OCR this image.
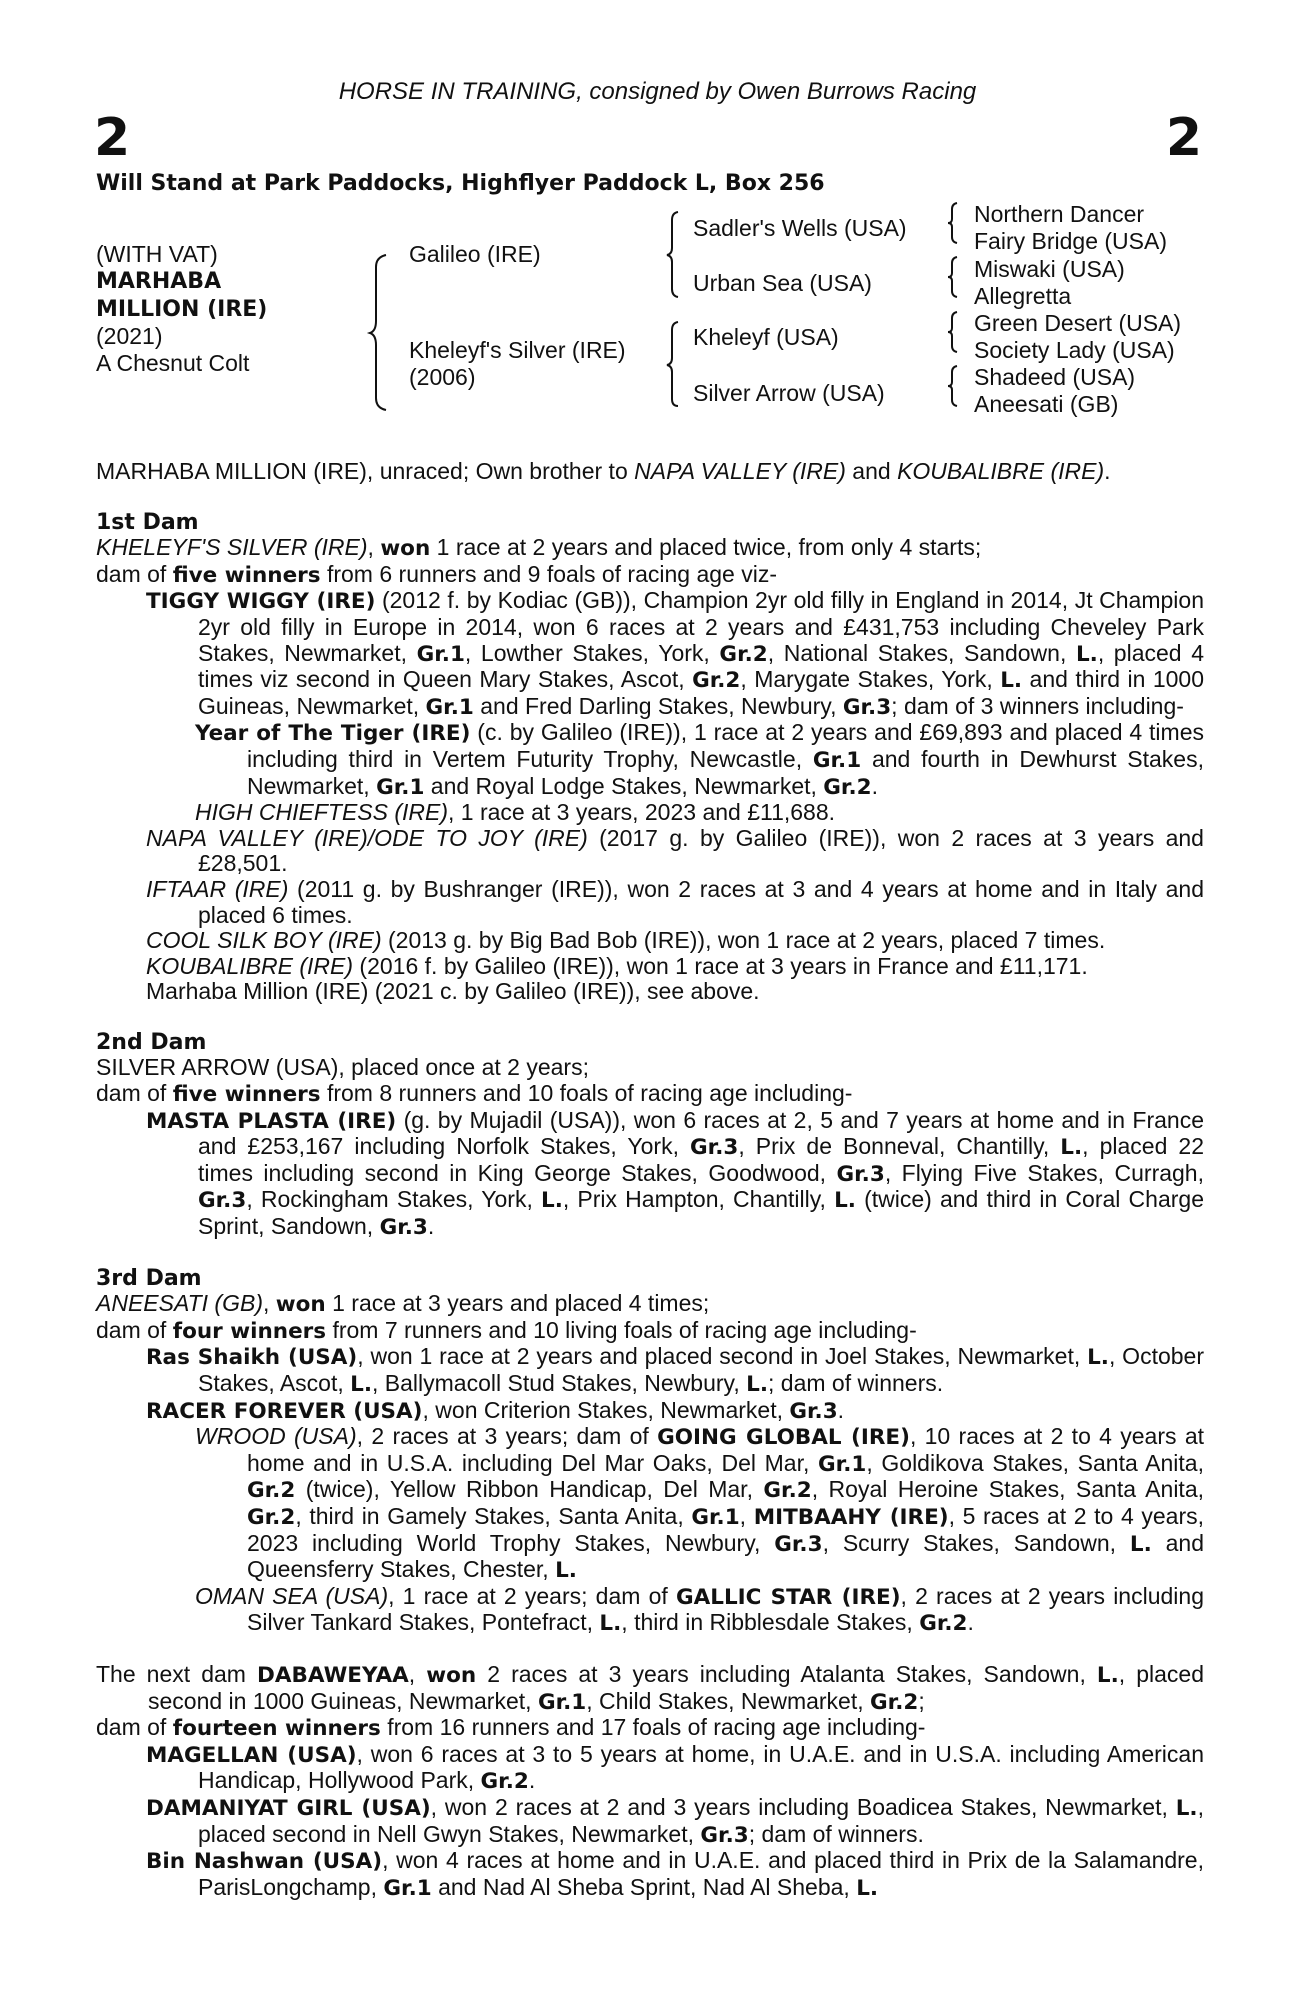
HORSE IN TRAINING, consigned by Owen Burrows Racing
2	2
Will Stand at Park Paddocks, Highflyer Paddock L, Box 256
(WITH VAT)
MARHABA
MILLION (IRE)
(2021)
A Chesnut Colt
Galileo (IRE)
Kheleyf's Silver (IRE)
(2006)
Sadler's Wells (USA)
Urban Sea (USA)
Kheleyf (USA)
Silver Arrow (USA)
Northern Dancer
Fairy Bridge (USA)
Miswaki (USA)
Allegretta
Green Desert (USA)
Society Lady (USA)
Shadeed (USA)
Aneesati (GB)

MARHABA MILLION (IRE), unraced; Own brother to NAPA VALLEY (IRE) and KOUBALIBRE (IRE).

1st Dam

KHELEYF'S SILVER (IRE), won 1 race at 2 years and placed twice, from only 4 starts;

dam of five winners from 6 runners and 9 foals of racing age viz-

TIGGY WIGGY (IRE) (2012 f. by Kodiac (GB)), Champion 2yr old filly in England in 2014, Jt Champion 2yr old filly in Europe in 2014, won 6 races at 2 years and £431,753 including Cheveley Park Stakes, Newmarket, Gr.1, Lowther Stakes, York, Gr.2, National Stakes, Sandown, L., placed 4 times viz second in Queen Mary Stakes, Ascot, Gr.2, Marygate Stakes, York, L. and third in 1000 Guineas, Newmarket, Gr.1 and Fred Darling Stakes, Newbury, Gr.3; dam of 3 winners including-

Year of The Tiger (IRE) (c. by Galileo (IRE)), 1 race at 2 years and £69,893 and placed 4 times including third in Vertem Futurity Trophy, Newcastle, Gr.1 and fourth in Dewhurst Stakes, Newmarket, Gr.1 and Royal Lodge Stakes, Newmarket, Gr.2.

HIGH CHIEFTESS (IRE), 1 race at 3 years, 2023 and £11,688.

NAPA VALLEY (IRE)/ODE TO JOY (IRE) (2017 g. by Galileo (IRE)), won 2 races at 3 years and £28,501.

IFTAAR (IRE) (2011 g. by Bushranger (IRE)), won 2 races at 3 and 4 years at home and in Italy and placed 6 times.

COOL SILK BOY (IRE) (2013 g. by Big Bad Bob (IRE)), won 1 race at 2 years, placed 7 times.

KOUBALIBRE (IRE) (2016 f. by Galileo (IRE)), won 1 race at 3 years in France and £11,171.

Marhaba Million (IRE) (2021 c. by Galileo (IRE)), see above.

2nd Dam

SILVER ARROW (USA), placed once at 2 years;

dam of five winners from 8 runners and 10 foals of racing age including-

MASTA PLASTA (IRE) (g. by Mujadil (USA)), won 6 races at 2, 5 and 7 years at home and in France and £253,167 including Norfolk Stakes, York, Gr.3, Prix de Bonneval, Chantilly, L., placed 22 times including second in King George Stakes, Goodwood, Gr.3, Flying Five Stakes, Curragh, Gr.3, Rockingham Stakes, York, L., Prix Hampton, Chantilly, L. (twice) and third in Coral Charge Sprint, Sandown, Gr.3.

3rd Dam

ANEESATI (GB), won 1 race at 3 years and placed 4 times;

dam of four winners from 7 runners and 10 living foals of racing age including-

Ras Shaikh (USA), won 1 race at 2 years and placed second in Joel Stakes, Newmarket, L., October Stakes, Ascot, L., Ballymacoll Stud Stakes, Newbury, L.; dam of winners.

RACER FOREVER (USA), won Criterion Stakes, Newmarket, Gr.3.

WROOD (USA), 2 races at 3 years; dam of GOING GLOBAL (IRE), 10 races at 2 to 4 years at home and in U.S.A. including Del Mar Oaks, Del Mar, Gr.1, Goldikova Stakes, Santa Anita, Gr.2 (twice), Yellow Ribbon Handicap, Del Mar, Gr.2, Royal Heroine Stakes, Santa Anita, Gr.2, third in Gamely Stakes, Santa Anita, Gr.1, MITBAAHY (IRE), 5 races at 2 to 4 years, 2023 including World Trophy Stakes, Newbury, Gr.3, Scurry Stakes, Sandown, L. and Queensferry Stakes, Chester, L.

OMAN SEA (USA), 1 race at 2 years; dam of GALLIC STAR (IRE), 2 races at 2 years including Silver Tankard Stakes, Pontefract, L., third in Ribblesdale Stakes, Gr.2.

The next dam DABAWEYAA, won 2 races at 3 years including Atalanta Stakes, Sandown, L., placed second in 1000 Guineas, Newmarket, Gr.1, Child Stakes, Newmarket, Gr.2;

dam of fourteen winners from 16 runners and 17 foals of racing age including-

MAGELLAN (USA), won 6 races at 3 to 5 years at home, in U.A.E. and in U.S.A. including American Handicap, Hollywood Park, Gr.2.

DAMANIYAT GIRL (USA), won 2 races at 2 and 3 years including Boadicea Stakes, Newmarket, L., placed second in Nell Gwyn Stakes, Newmarket, Gr.3; dam of winners.

Bin Nashwan (USA), won 4 races at home and in U.A.E. and placed third in Prix de la Salamandre, ParisLongchamp, Gr.1 and Nad Al Sheba Sprint, Nad Al Sheba, L.
